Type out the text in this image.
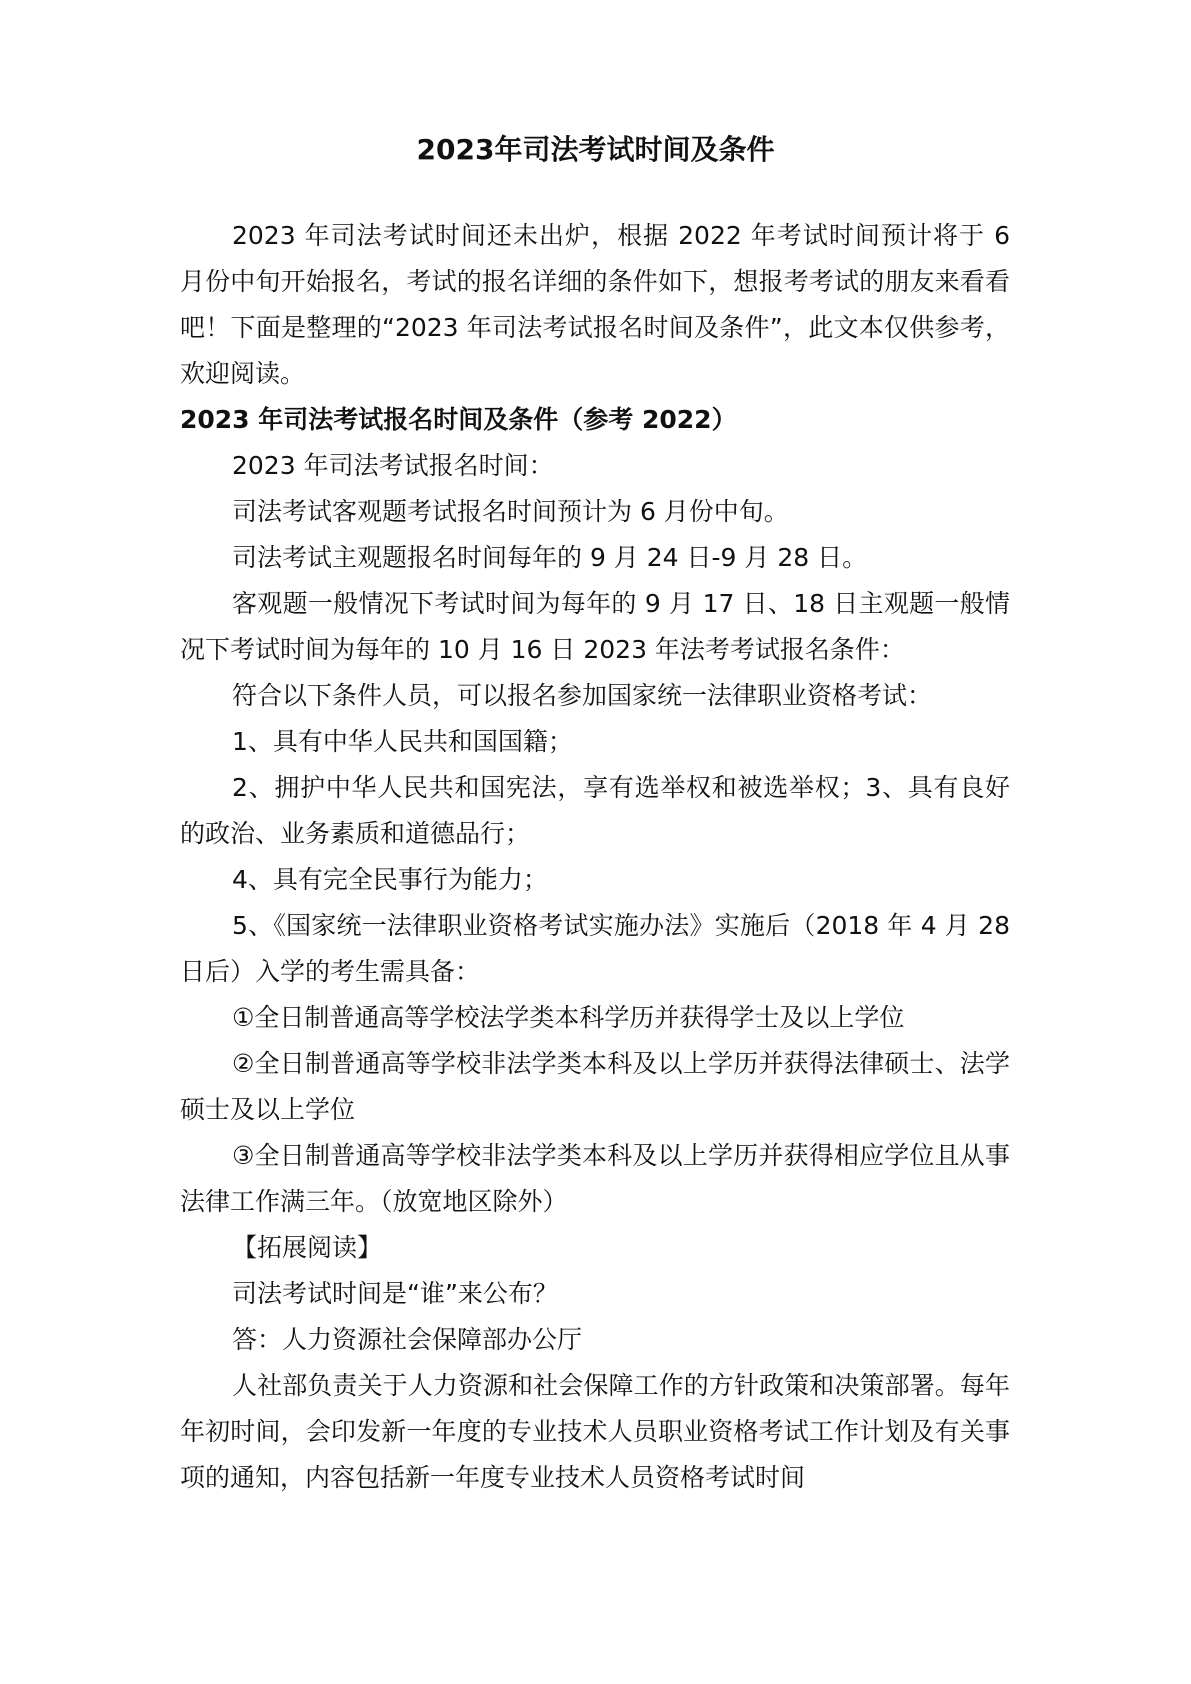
2023年司法考试时间及条件

2023 年司法考试时间还未出炉，根据 2022 年考试时间预计将于 6 月份中旬开始报名，考试的报名详细的条件如下，想报考考试的朋友来看看吧！下面是整理的“2023 年司法考试报名时间及条件”，此文本仅供参考，欢迎阅读。

2023 年司法考试报名时间及条件（参考 2022）

2023 年司法考试报名时间：

司法考试客观题考试报名时间预计为 6 月份中旬。

司法考试主观题报名时间每年的 9 月 24 日-9 月 28 日。

客观题一般情况下考试时间为每年的 9 月 17 日、18 日主观题一般情况下考试时间为每年的 10 月 16 日 2023 年法考考试报名条件：

符合以下条件人员，可以报名参加国家统一法律职业资格考试：

1、具有中华人民共和国国籍；

2、拥护中华人民共和国宪法，享有选举权和被选举权；3、具有良好的政治、业务素质和道德品行；

4、具有完全民事行为能力；

5、《国家统一法律职业资格考试实施办法》实施后（2018 年 4 月 28 日后）入学的考生需具备：

①全日制普通高等学校法学类本科学历并获得学士及以上学位

②全日制普通高等学校非法学类本科及以上学历并获得法律硕士、法学硕士及以上学位

③全日制普通高等学校非法学类本科及以上学历并获得相应学位且从事法律工作满三年。（放宽地区除外）

【拓展阅读】

司法考试时间是“谁”来公布？

答：人力资源社会保障部办公厅

人社部负责关于人力资源和社会保障工作的方针政策和决策部署。每年年初时间，会印发新一年度的专业技术人员职业资格考试工作计划及有关事项的通知，内容包括新一年度专业技术人员资格考试时间
